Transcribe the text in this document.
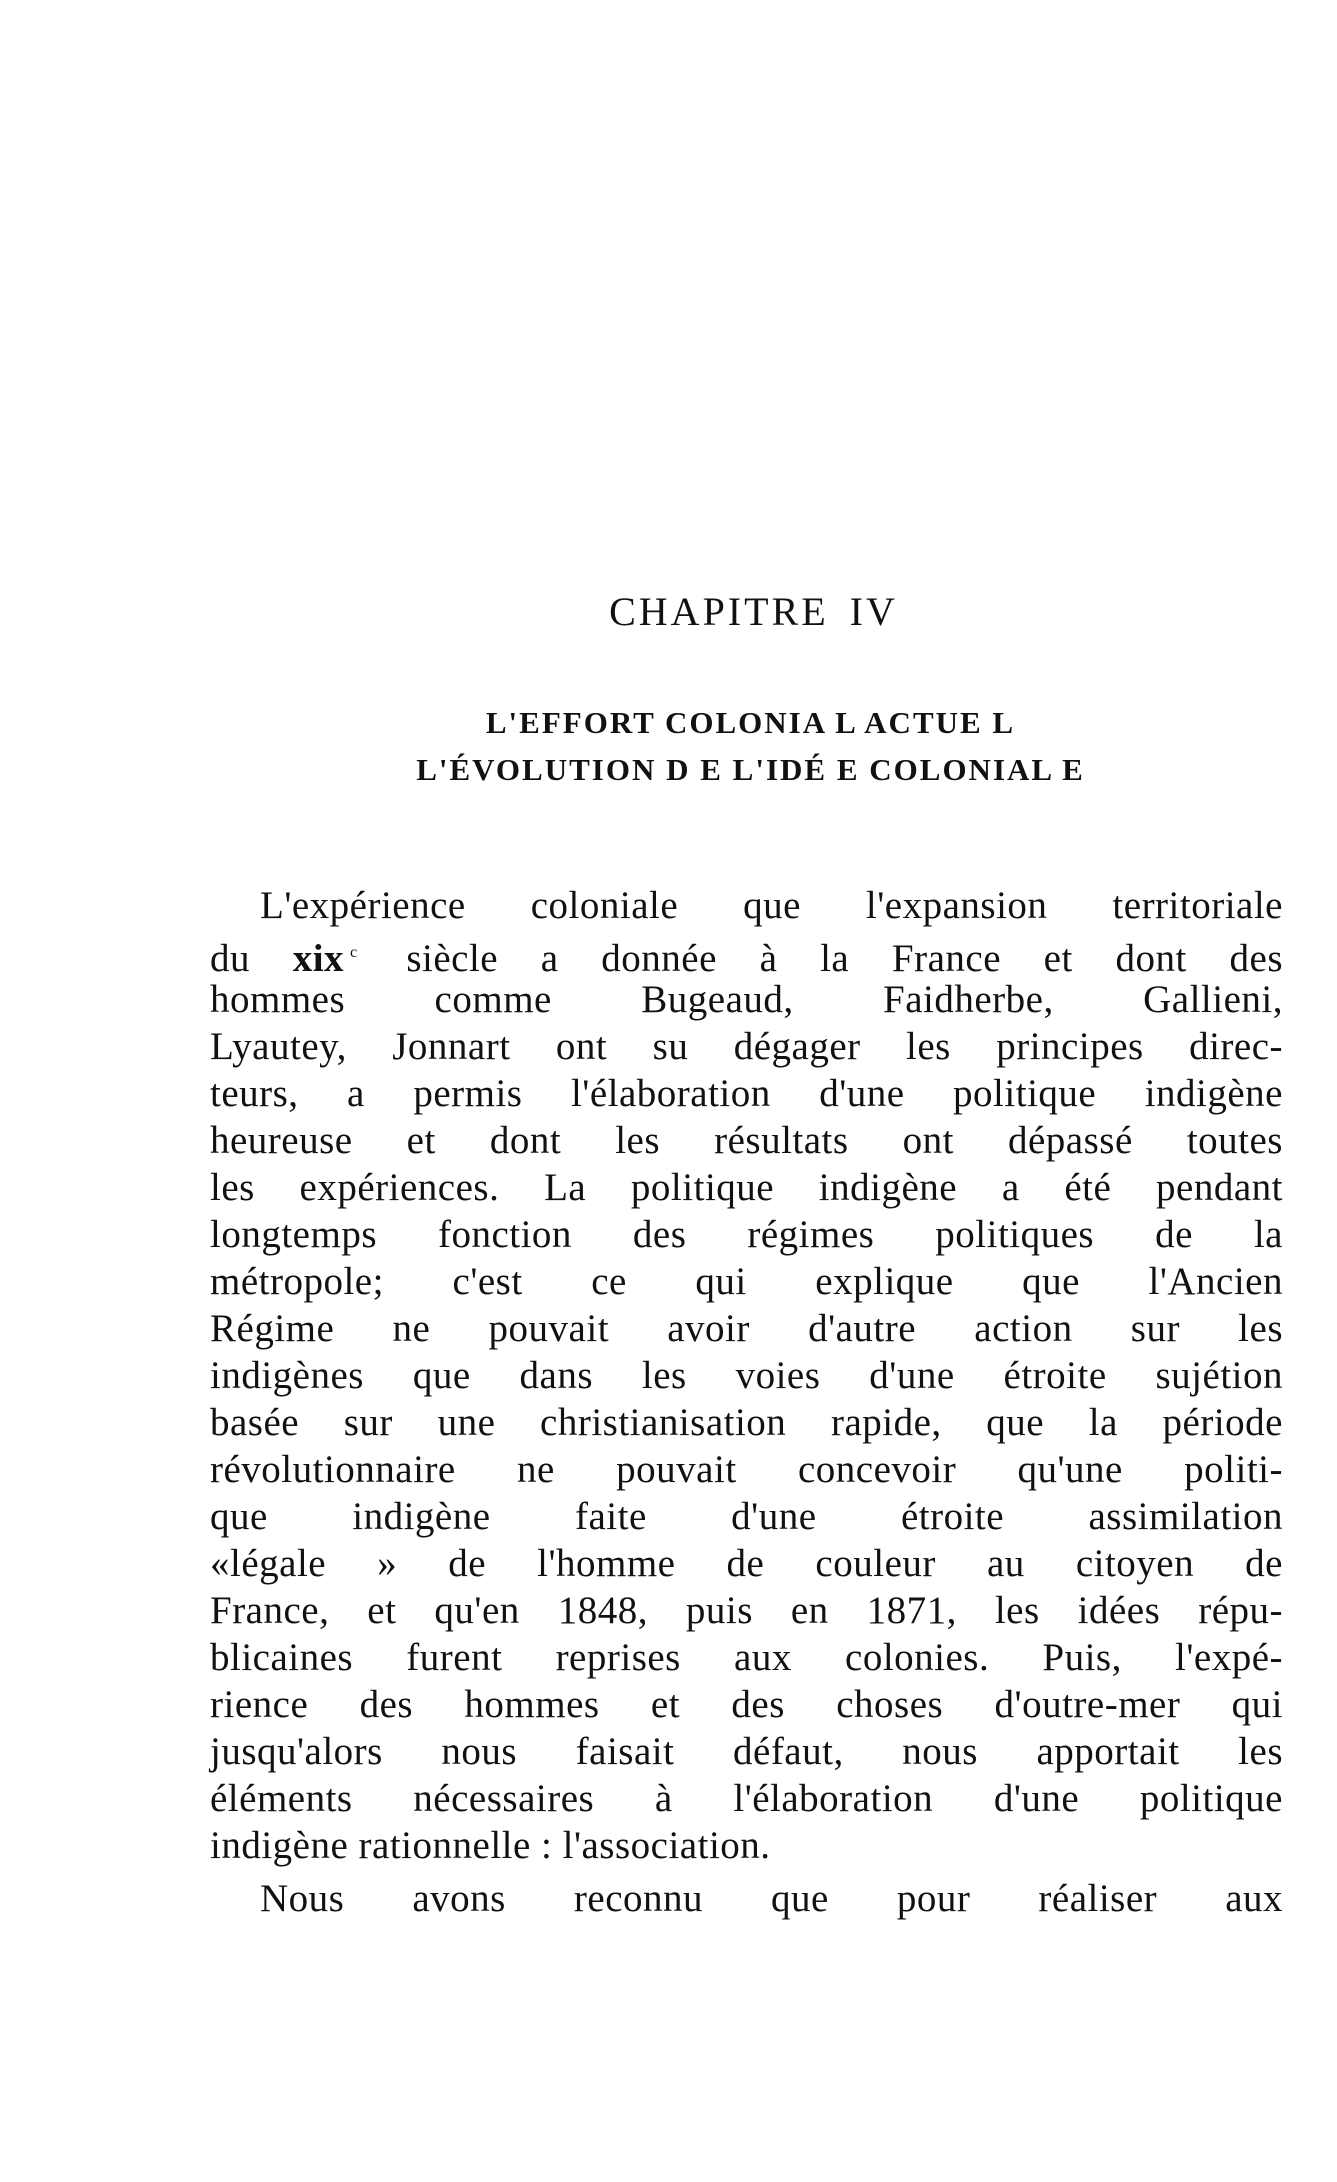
CHAPITRE IV
L'EFFORT COLONIA L ACTUE L
L'ÉVOLUTION D E L'IDÉ E COLONIAL E
L'expérience coloniale que l'expansion territoriale
du xix $^c$ siècle a donnée à la France et dont des
hommes comme Bugeaud, Faidherbe, Gallieni,
Lyautey, Jonnart ont su dégager les principes direc-
teurs, a permis l'élaboration d'une politique indigène
heureuse et dont les résultats ont dépassé toutes
les expériences. La politique indigène a été pendant
longtemps fonction des régimes politiques de la
métropole; c'est ce qui explique que l'Ancien
Régime ne pouvait avoir d'autre action sur les
indigènes que dans les voies d'une étroite sujétion
basée sur une christianisation rapide, que la période
révolutionnaire ne pouvait concevoir qu'une politi-
que indigène faite d'une étroite assimilation
«légale » de l'homme de couleur au citoyen de
France, et qu'en 1848, puis en 1871, les idées répu-
blicaines furent reprises aux colonies. Puis, l'expé-
rience des hommes et des choses d'outre-mer qui
jusqu'alors nous faisait défaut, nous apportait les
éléments nécessaires à l'élaboration d'une politique
indigène rationnelle : l'association.
Nous avons reconnu que pour réaliser aux
